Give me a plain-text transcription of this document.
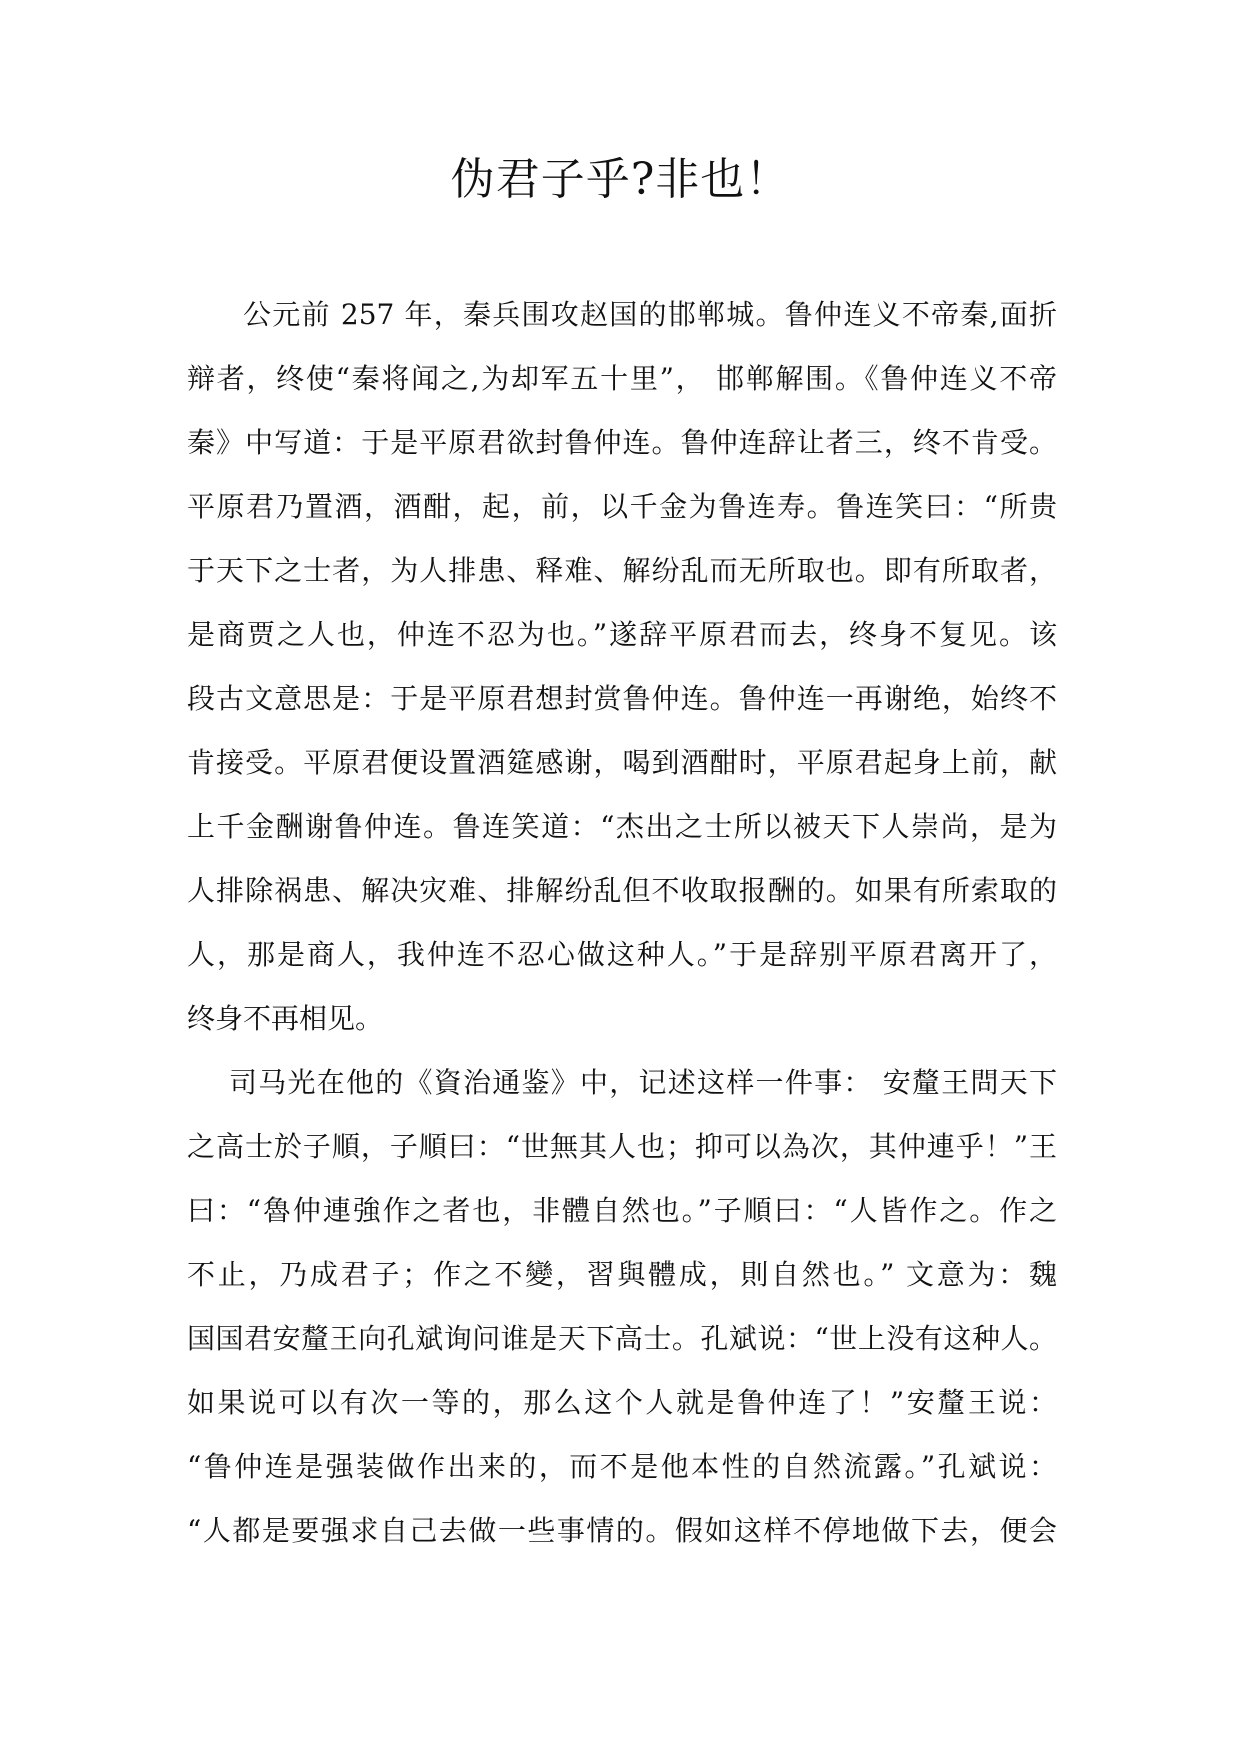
伪君子乎?非也！
公元前 257 年，秦兵围攻赵国的邯郸城。鲁仲连义不帝秦,面折
辩者，终使“秦将闻之,为却军五十里”， 邯郸解围。《鲁仲连义不帝
秦》中写道：于是平原君欲封鲁仲连。鲁仲连辞让者三，终不肯受。
平原君乃置酒，酒酣，起，前，以千金为鲁连寿。鲁连笑曰：“所贵
于天下之士者，为人排患、释难、解纷乱而无所取也。即有所取者，
是商贾之人也，仲连不忍为也。”遂辞平原君而去，终身不复见。该
段古文意思是：于是平原君想封赏鲁仲连。鲁仲连一再谢绝，始终不
肯接受。平原君便设置酒筵感谢，喝到酒酣时，平原君起身上前，献
上千金酬谢鲁仲连。鲁连笑道：“杰出之士所以被天下人崇尚，是为
人排除祸患、解决灾难、排解纷乱但不收取报酬的。如果有所索取的
人，那是商人，我仲连不忍心做这种人。”于是辞别平原君离开了，
终身不再相见。
司马光在他的《資治通鉴》中，记述这样一件事： 安釐王問天下
之高士於子順，子順曰：“世無其人也；抑可以為次，其仲連乎！”王
曰：“魯仲連強作之者也，非體自然也。”子順曰：“人皆作之。作之
不止，乃成君子；作之不變，習與體成，則自然也。” 文意为：魏
国国君安釐王向孔斌询问谁是天下高士。孔斌说：“世上没有这种人。
如果说可以有次一等的，那么这个人就是鲁仲连了！”安釐王说：
“鲁仲连是强装做作出来的，而不是他本性的自然流露。”孔斌说：
“人都是要强求自己去做一些事情的。假如这样不停地做下去，便会
